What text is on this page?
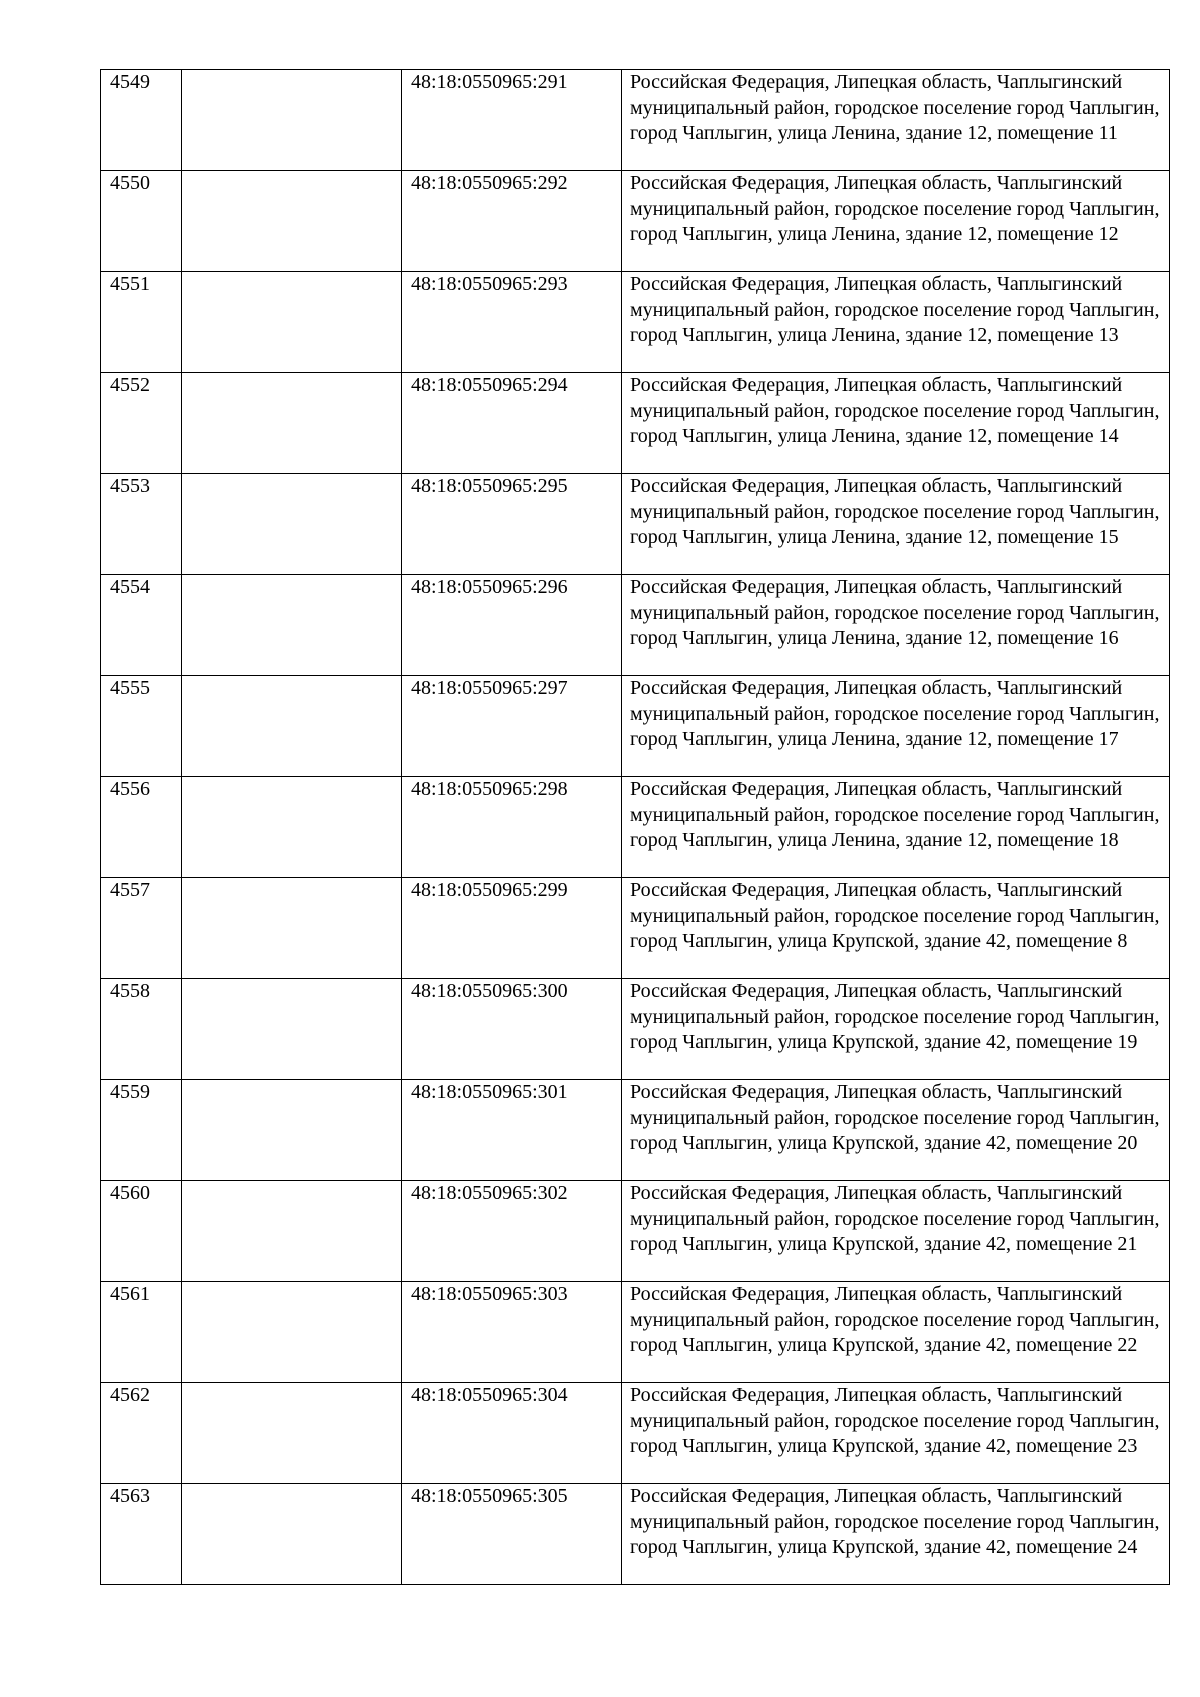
4549		48:18:0550965:291	Российская Федерация, Липецкая область, Чаплыгинский муниципальный район, городское поселение город Чаплыгин, город Чаплыгин, улица Ленина, здание 12, помещение 11
4550		48:18:0550965:292	Российская Федерация, Липецкая область, Чаплыгинский муниципальный район, городское поселение город Чаплыгин, город Чаплыгин, улица Ленина, здание 12, помещение 12
4551		48:18:0550965:293	Российская Федерация, Липецкая область, Чаплыгинский муниципальный район, городское поселение город Чаплыгин, город Чаплыгин, улица Ленина, здание 12, помещение 13
4552		48:18:0550965:294	Российская Федерация, Липецкая область, Чаплыгинский муниципальный район, городское поселение город Чаплыгин, город Чаплыгин, улица Ленина, здание 12, помещение 14
4553		48:18:0550965:295	Российская Федерация, Липецкая область, Чаплыгинский муниципальный район, городское поселение город Чаплыгин, город Чаплыгин, улица Ленина, здание 12, помещение 15
4554		48:18:0550965:296	Российская Федерация, Липецкая область, Чаплыгинский муниципальный район, городское поселение город Чаплыгин, город Чаплыгин, улица Ленина, здание 12, помещение 16
4555		48:18:0550965:297	Российская Федерация, Липецкая область, Чаплыгинский муниципальный район, городское поселение город Чаплыгин, город Чаплыгин, улица Ленина, здание 12, помещение 17
4556		48:18:0550965:298	Российская Федерация, Липецкая область, Чаплыгинский муниципальный район, городское поселение город Чаплыгин, город Чаплыгин, улица Ленина, здание 12, помещение 18
4557		48:18:0550965:299	Российская Федерация, Липецкая область, Чаплыгинский муниципальный район, городское поселение город Чаплыгин, город Чаплыгин, улица Крупской, здание 42, помещение 8
4558		48:18:0550965:300	Российская Федерация, Липецкая область, Чаплыгинский муниципальный район, городское поселение город Чаплыгин, город Чаплыгин, улица Крупской, здание 42, помещение 19
4559		48:18:0550965:301	Российская Федерация, Липецкая область, Чаплыгинский муниципальный район, городское поселение город Чаплыгин, город Чаплыгин, улица Крупской, здание 42, помещение 20
4560		48:18:0550965:302	Российская Федерация, Липецкая область, Чаплыгинский муниципальный район, городское поселение город Чаплыгин, город Чаплыгин, улица Крупской, здание 42, помещение 21
4561		48:18:0550965:303	Российская Федерация, Липецкая область, Чаплыгинский муниципальный район, городское поселение город Чаплыгин, город Чаплыгин, улица Крупской, здание 42, помещение 22
4562		48:18:0550965:304	Российская Федерация, Липецкая область, Чаплыгинский муниципальный район, городское поселение город Чаплыгин, город Чаплыгин, улица Крупской, здание 42, помещение 23
4563		48:18:0550965:305	Российская Федерация, Липецкая область, Чаплыгинский муниципальный район, городское поселение город Чаплыгин, город Чаплыгин, улица Крупской, здание 42, помещение 24
